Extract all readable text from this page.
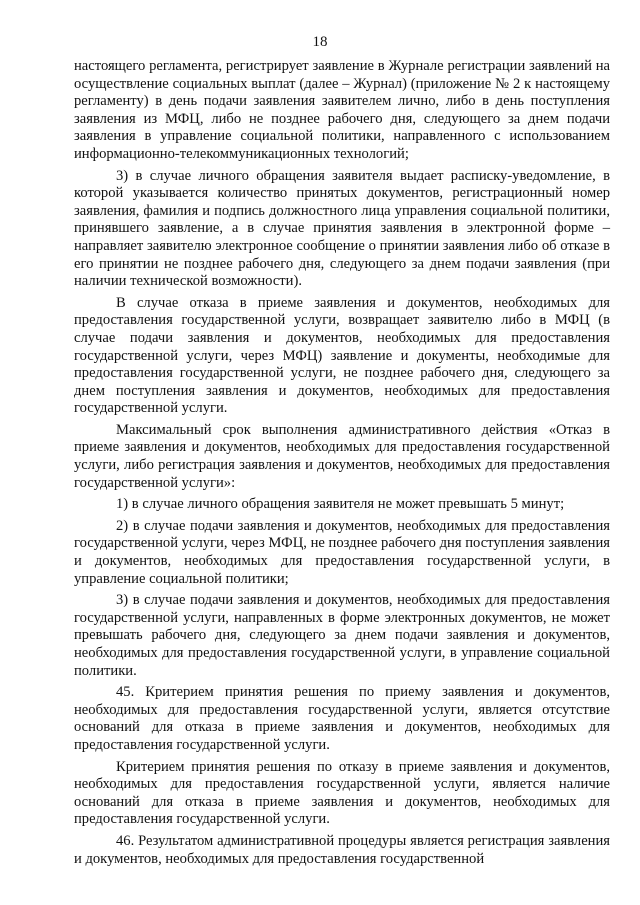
18

настоящего регламента, регистрирует заявление в Журнале регистрации заявлений на осуществление социальных выплат (далее – Журнал) (приложение № 2 к настоящему регламенту) в день подачи заявления заявителем лично, либо в день поступления заявления из МФЦ, либо не позднее рабочего дня, следующего за днем подачи заявления в управление социальной политики, направленного с использованием информационно-телекоммуникационных технологий;

3) в случае личного обращения заявителя выдает расписку-уведомление, в которой указывается количество принятых документов, регистрационный номер заявления, фамилия и подпись должностного лица управления социальной политики, принявшего заявление, а в случае принятия заявления в электронной форме – направляет заявителю электронное сообщение о принятии заявления либо об отказе в его принятии не позднее рабочего дня, следующего за днем подачи заявления (при наличии технической возможности).

В случае отказа в приеме заявления и документов, необходимых для предоставления государственной услуги, возвращает заявителю либо в МФЦ (в случае подачи заявления и документов, необходимых для предоставления государственной услуги, через МФЦ) заявление и документы, необходимые для предоставления государственной услуги, не позднее рабочего дня, следующего за днем поступления заявления и документов, необходимых для предоставления государственной услуги.

Максимальный срок выполнения административного действия «Отказ в приеме заявления и документов, необходимых для предоставления государственной услуги, либо регистрация заявления и документов, необходимых для предоставления государственной услуги»:

1) в случае личного обращения заявителя не может превышать 5 минут;

2) в случае подачи заявления и документов, необходимых для предоставления государственной услуги, через МФЦ, не позднее рабочего дня поступления заявления и документов, необходимых для предоставления государственной услуги, в управление социальной политики;

3) в случае подачи заявления и документов, необходимых для предоставления государственной услуги, направленных в форме электронных документов, не может превышать рабочего дня, следующего за днем подачи заявления и документов, необходимых для предоставления государственной услуги, в управление социальной политики.

45. Критерием принятия решения по приему заявления и документов, необходимых для предоставления государственной услуги, является отсутствие оснований для отказа в приеме заявления и документов, необходимых для предоставления государственной услуги.

Критерием принятия решения по отказу в приеме заявления и документов, необходимых для предоставления государственной услуги, является наличие оснований для отказа в приеме заявления и документов, необходимых для предоставления государственной услуги.

46. Результатом административной процедуры является регистрация заявления и документов, необходимых для предоставления государственной
